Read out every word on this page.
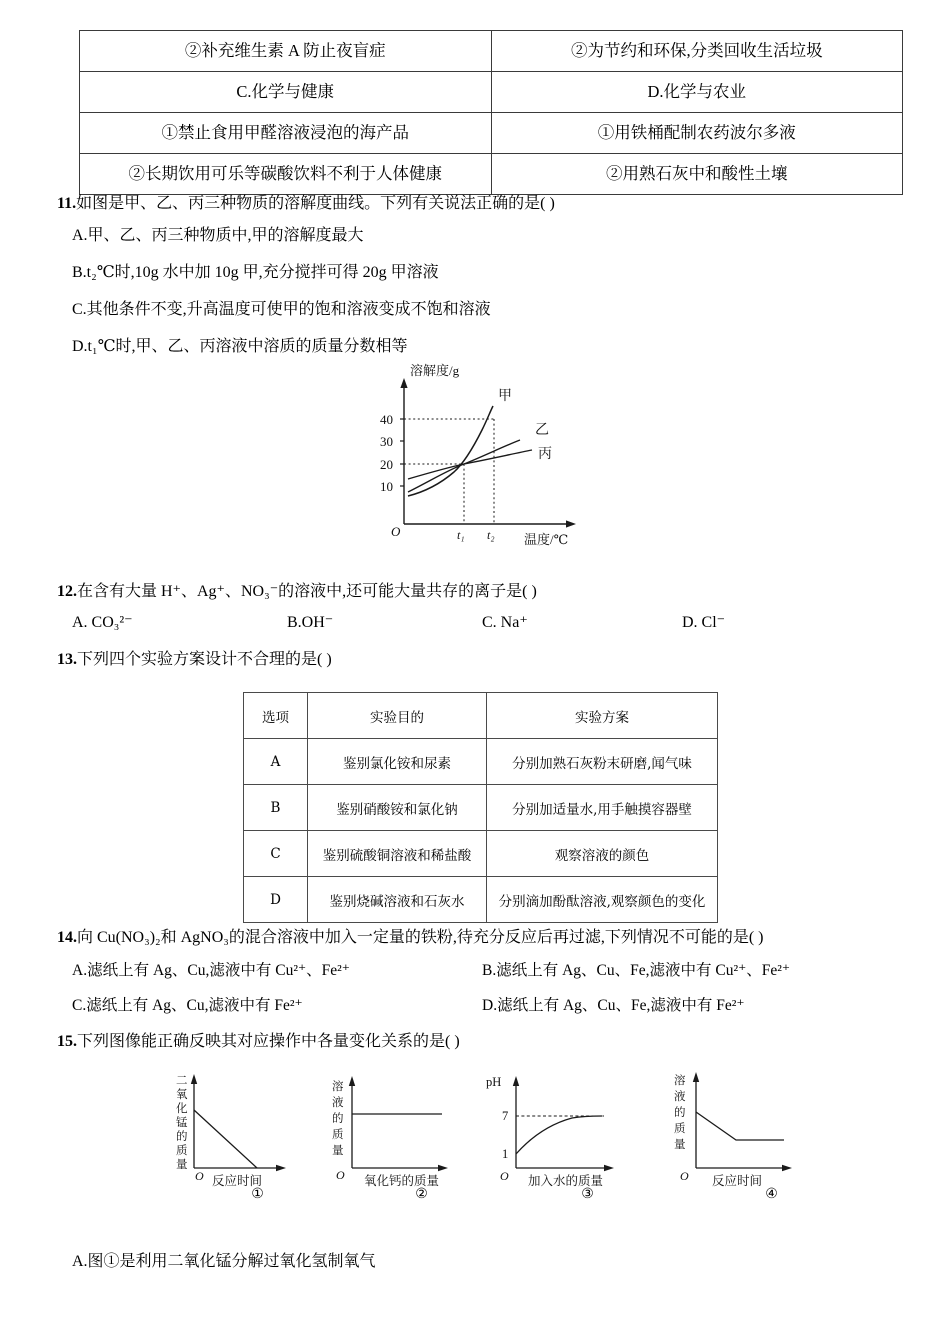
②补充维生素 A 防止夜盲症	②为节约和环保,分类回收生活垃圾
C.化学与健康	D.化学与农业
①禁止食用甲醛溶液浸泡的海产品	①用铁桶配制农药波尔多液
②长期饮用可乐等碳酸饮料不利于人体健康	②用熟石灰中和酸性土壤
11.如图是甲、乙、丙三种物质的溶解度曲线。下列有关说法正确的是( )
A.甲、乙、丙三种物质中,甲的溶解度最大
B.t₂℃时,10g 水中加 10g 甲,充分搅拌可得 20g 甲溶液
C.其他条件不变,升高温度可使甲的饱和溶液变成不饱和溶液
D.t₁℃时,甲、乙、丙溶液中溶质的质量分数相等
溶解度/g
温度/℃
O
40
30
20
10
t₁ t₂
甲
乙
丙
12.在含有大量 H⁺、Ag⁺、NO₃⁻的溶液中,还可能大量共存的离子是( )
A. CO₃²⁻	B.OH⁻	C. Na⁺	D. Cl⁻
13.下列四个实验方案设计不合理的是( )
选项	实验目的	实验方案
A	鉴别氯化铵和尿素	分别加熟石灰粉末研磨,闻气味
B	鉴别硝酸铵和氯化钠	分别加适量水,用手触摸容器壁
C	鉴别硫酸铜溶液和稀盐酸	观察溶液的颜色
D	鉴别烧碱溶液和石灰水	分别滴加酚酞溶液,观察颜色的变化
14.向 Cu(NO₃)₂和 AgNO₃的混合溶液中加入一定量的铁粉,待充分反应后再过滤,下列情况不可能的是( )
A.滤纸上有 Ag、Cu,滤液中有 Cu²⁺、Fe²⁺	B.滤纸上有 Ag、Cu、Fe,滤液中有 Cu²⁺、Fe²⁺
C.滤纸上有 Ag、Cu,滤液中有 Fe²⁺	D.滤纸上有 Ag、Cu、Fe,滤液中有 Fe²⁺
15.下列图像能正确反映其对应操作中各量变化关系的是( )
二
氧
化
锰
的
质
量
O 反应时间
①
溶
液
的
质
量
O 氧化钙的质量
②
pH
O
7
1
加入水的质量
③
溶
液
的
质
量
O 反应时间
④
A.图①是利用二氧化锰分解过氧化氢制氧气
